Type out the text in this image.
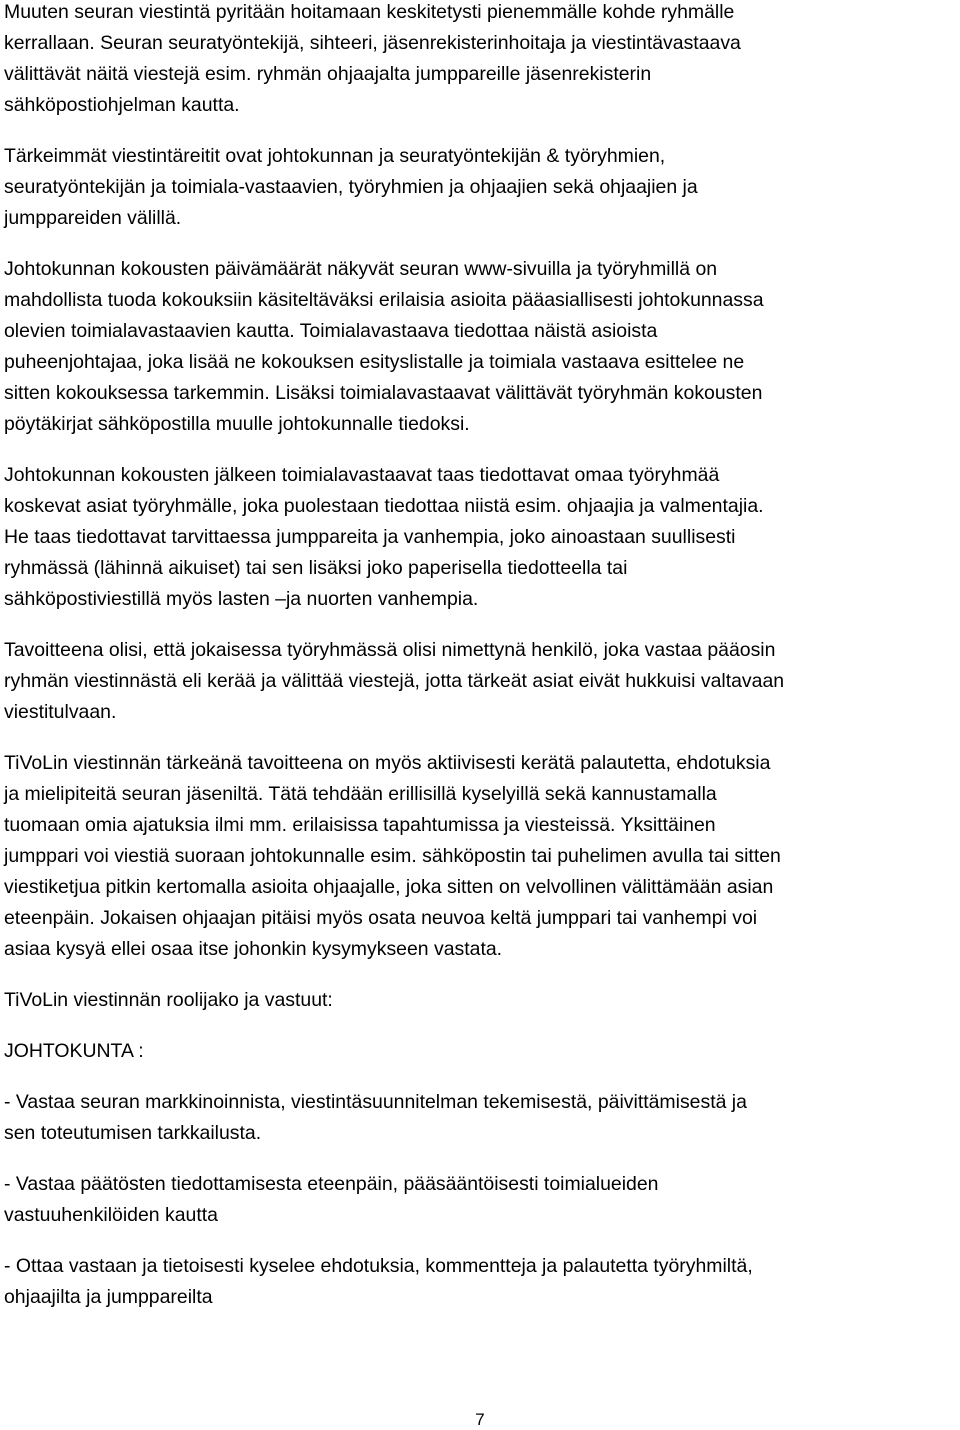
Muuten seuran viestintä pyritään hoitamaan keskitetysti pienemmälle kohde ryhmälle
kerrallaan. Seuran seuratyöntekijä, sihteeri, jäsenrekisterinhoitaja ja viestintävastaava
välittävät näitä viestejä esim. ryhmän ohjaajalta jumppareille jäsenrekisterin
sähköpostiohjelman kautta.

Tärkeimmät viestintäreitit ovat johtokunnan ja seuratyöntekijän & työryhmien,
seuratyöntekijän ja toimiala-vastaavien, työryhmien ja ohjaajien sekä ohjaajien ja
jumppareiden välillä.

Johtokunnan kokousten päivämäärät näkyvät seuran www-sivuilla ja työryhmillä on
mahdollista tuoda kokouksiin käsiteltäväksi erilaisia asioita pääasiallisesti johtokunnassa
olevien toimialavastaavien kautta. Toimialavastaava tiedottaa näistä asioista
puheenjohtajaa, joka lisää ne kokouksen esityslistalle ja toimiala vastaava esittelee ne
sitten kokouksessa tarkemmin. Lisäksi toimialavastaavat välittävät työryhmän kokousten
pöytäkirjat sähköpostilla muulle johtokunnalle tiedoksi.

Johtokunnan kokousten jälkeen toimialavastaavat taas tiedottavat omaa työryhmää
koskevat asiat työryhmälle, joka puolestaan tiedottaa niistä esim. ohjaajia ja valmentajia.
He taas tiedottavat tarvittaessa jumppareita ja vanhempia, joko ainoastaan suullisesti
ryhmässä (lähinnä aikuiset) tai sen lisäksi joko paperisella tiedotteella tai
sähköpostiviestillä myös lasten –ja nuorten vanhempia.

Tavoitteena olisi, että jokaisessa työryhmässä olisi nimettynä henkilö, joka vastaa pääosin
ryhmän viestinnästä eli kerää ja välittää viestejä, jotta tärkeät asiat eivät hukkuisi valtavaan
viestitulvaan.

TiVoLin viestinnän tärkeänä tavoitteena on myös aktiivisesti kerätä palautetta, ehdotuksia
ja mielipiteitä seuran jäseniltä. Tätä tehdään erillisillä kyselyillä sekä kannustamalla
tuomaan omia ajatuksia ilmi mm. erilaisissa tapahtumissa ja viesteissä. Yksittäinen
jumppari voi viestiä suoraan johtokunnalle esim. sähköpostin tai puhelimen avulla tai sitten
viestiketjua pitkin kertomalla asioita ohjaajalle, joka sitten on velvollinen välittämään asian
eteenpäin. Jokaisen ohjaajan pitäisi myös osata neuvoa keltä jumppari tai vanhempi voi
asiaa kysyä ellei osaa itse johonkin kysymykseen vastata.

TiVoLin viestinnän roolijako ja vastuut:

JOHTOKUNTA :

- Vastaa seuran markkinoinnista, viestintäsuunnitelman tekemisestä, päivittämisestä ja
sen toteutumisen tarkkailusta.

- Vastaa päätösten tiedottamisesta eteenpäin, pääsääntöisesti toimialueiden
vastuuhenkilöiden kautta

- Ottaa vastaan ja tietoisesti kyselee ehdotuksia, kommentteja ja palautetta työryhmiltä,
ohjaajilta ja jumppareilta

7
